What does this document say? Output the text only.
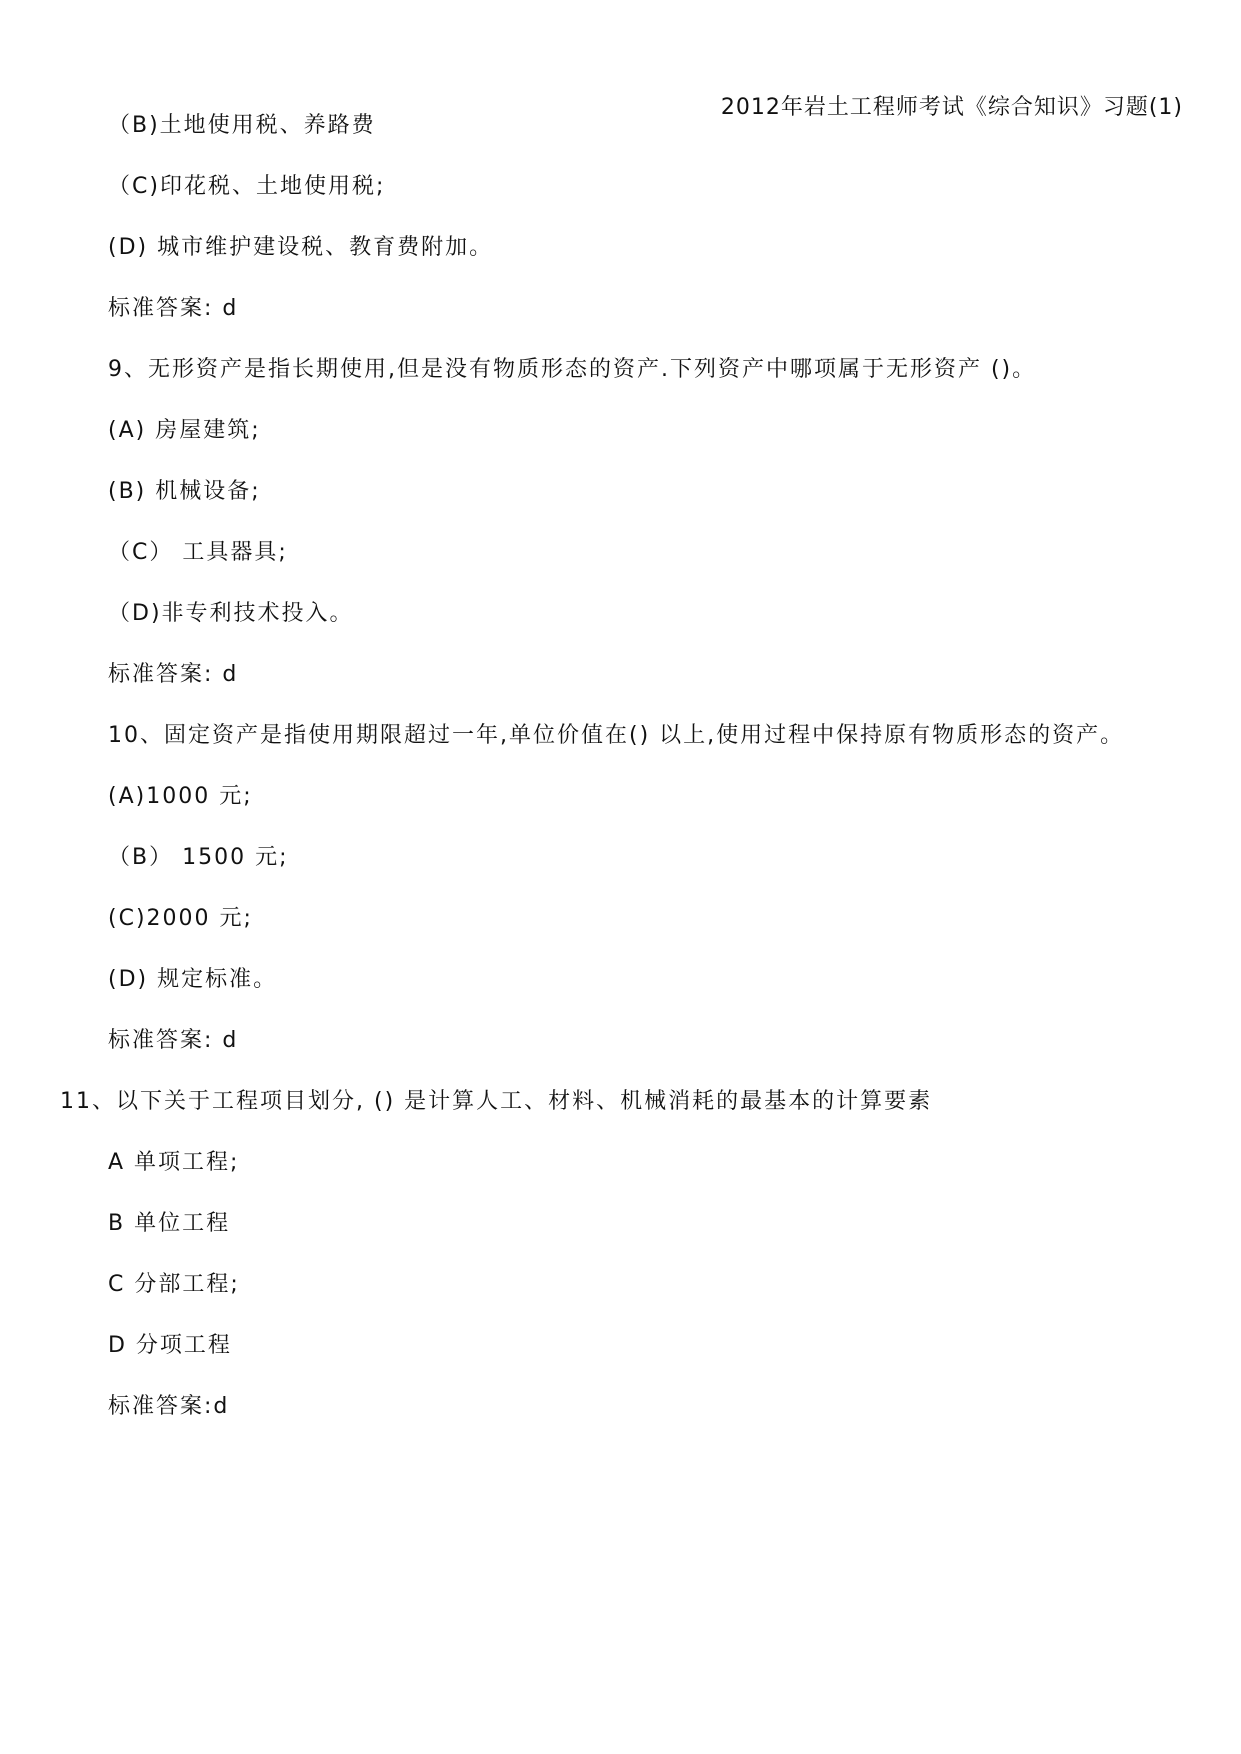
2012年岩土工程师考试《综合知识》习题(1)
（B)土地使用税、养路费
（C)印花税、土地使用税;
(D) 城市维护建设税、教育费附加。
标准答案: d
9、无形资产是指长期使用,但是没有物质形态的资产.下列资产中哪项属于无形资产 ()。
(A) 房屋建筑;
(B) 机械设备;
（C） 工具器具;
（D)非专利技术投入。
标准答案: d
10、固定资产是指使用期限超过一年,单位价值在() 以上,使用过程中保持原有物质形态的资产。
(A)1000 元;
（B） 1500 元;
(C)2000 元;
(D) 规定标准。
标准答案: d
11、以下关于工程项目划分, () 是计算人工、材料、机械消耗的最基本的计算要素
A 单项工程;
B 单位工程
C 分部工程;
D 分项工程
标准答案:d
